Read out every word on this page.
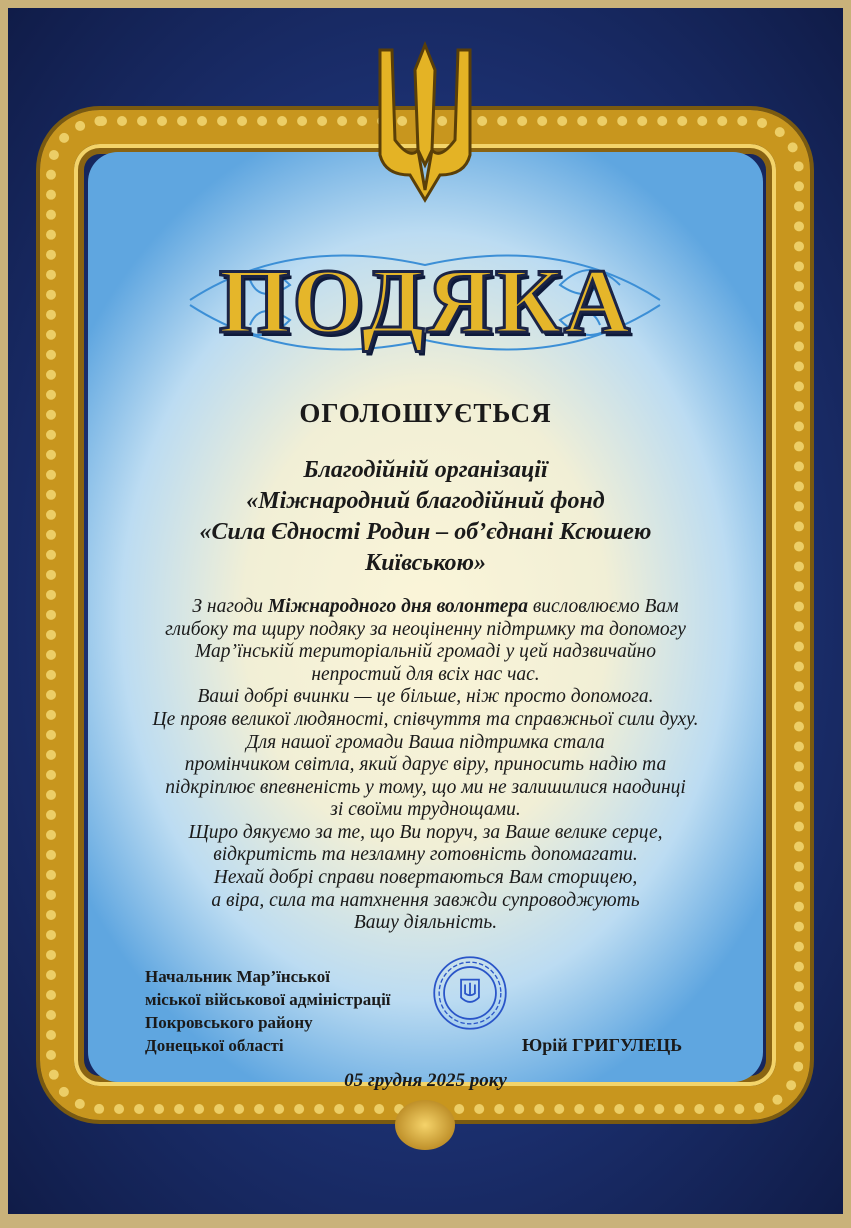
ПОДЯКА
ОГОЛОШУЄТЬСЯ
Благодійній організації
«Міжнародний благодійний фонд
«Сила Єдності Родин – об’єднані Ксюшею
Київською»
З нагоди Міжнародного дня волонтера висловлюємо Вам
глибоку та щиру подяку за неоціненну підтримку та допомогу
Мар’їнській територіальній громаді у цей надзвичайно
непростий для всіх нас час.
Ваші добрі вчинки — це більше, ніж просто допомога.
Це прояв великої людяності, співчуття та справжньої сили духу.
Для нашої громади Ваша підтримка стала
промінчиком світла, який дарує віру, приносить надію та
підкріплює впевненість у тому, що ми не залишилися наодинці
зі своїми труднощами.
Щиро дякуємо за те, що Ви поруч, за Ваше велике серце,
відкритість та незламну готовність допомагати.
Нехай добрі справи повертаються Вам сторицею,
а віра, сила та натхнення завжди супроводжують
Вашу діяльність.
Начальник Мар’їнської
міської військової адміністрації
Покровського району
Донецької області	Юрій ГРИГУЛЕЦЬ
05 грудня 2025 року
